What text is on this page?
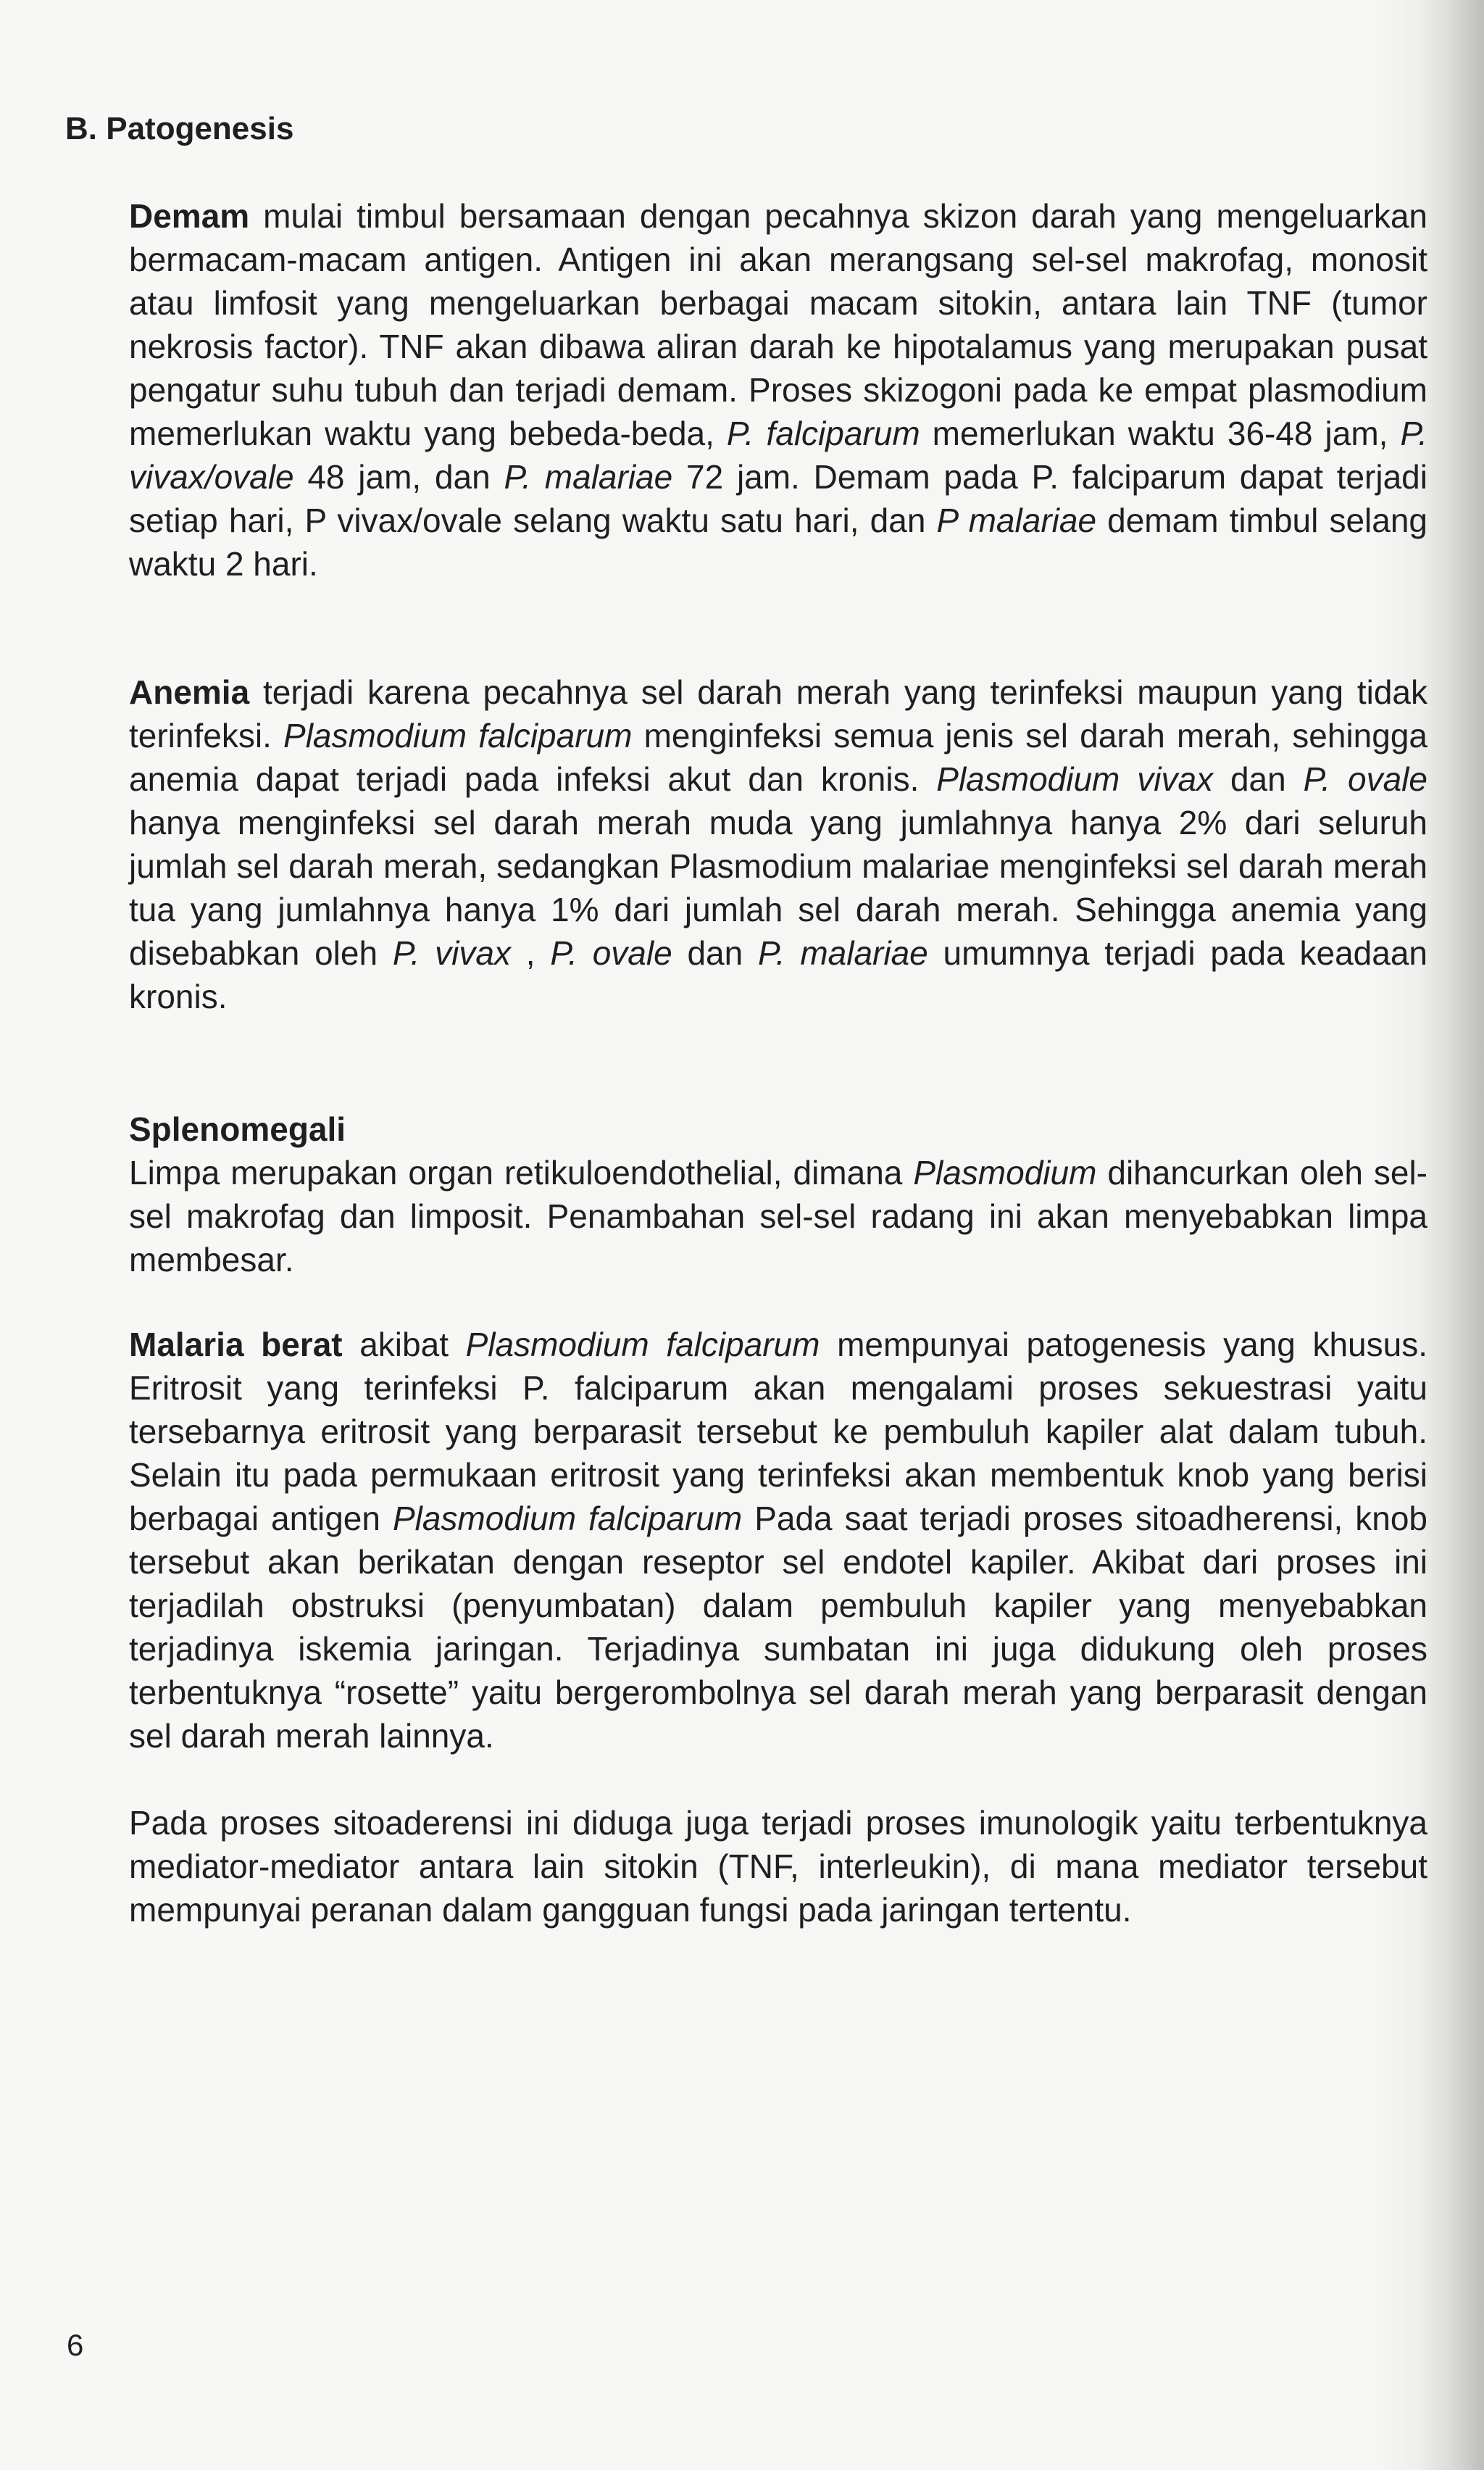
B. Patogenesis

Demam mulai timbul bersamaan dengan pecahnya skizon darah yang mengeluarkan bermacam-macam antigen. Antigen ini akan merangsang sel-sel makrofag, monosit atau limfosit yang mengeluarkan berbagai macam sitokin, antara lain TNF (tumor nekrosis factor). TNF akan dibawa aliran darah ke hipotalamus yang merupakan pusat pengatur suhu tubuh dan terjadi demam. Proses skizogoni pada ke empat plasmodium memerlukan waktu yang bebeda-beda, P. falciparum memerlukan waktu 36-48 jam, P. vivax/ovale 48 jam, dan P. malariae 72 jam. Demam pada P. falciparum dapat terjadi setiap hari, P vivax/ovale selang waktu satu hari, dan P malariae demam timbul selang waktu 2 hari.

Anemia terjadi karena pecahnya sel darah merah yang terinfeksi maupun yang tidak terinfeksi. Plasmodium falciparum menginfeksi semua jenis sel darah merah, sehingga anemia dapat terjadi pada infeksi akut dan kronis. Plasmodium vivax dan P. ovale hanya menginfeksi sel darah merah muda yang jumlahnya hanya 2% dari seluruh jumlah sel darah merah, sedangkan Plasmodium malariae menginfeksi sel darah merah tua yang jumlahnya hanya 1% dari jumlah sel darah merah. Sehingga anemia yang disebabkan oleh P. vivax , P. ovale dan P. malariae umumnya terjadi pada keadaan kronis.

Splenomegali
Limpa merupakan organ retikuloendothelial, dimana Plasmodium dihancurkan oleh sel-sel makrofag dan limposit. Penambahan sel-sel radang ini akan menyebabkan limpa membesar.

Malaria berat akibat Plasmodium falciparum mempunyai patogenesis yang khusus. Eritrosit yang terinfeksi P. falciparum akan mengalami proses sekuestrasi yaitu tersebarnya eritrosit yang berparasit tersebut ke pembuluh kapiler alat dalam tubuh. Selain itu pada permukaan eritrosit yang terinfeksi akan membentuk knob yang berisi berbagai antigen Plasmodium falciparum Pada saat terjadi proses sitoadherensi, knob tersebut akan berikatan dengan reseptor sel endotel kapiler. Akibat dari proses ini terjadilah obstruksi (penyumbatan) dalam pembuluh kapiler yang menyebabkan terjadinya iskemia jaringan. Terjadinya sumbatan ini juga didukung oleh proses terbentuknya “rosette” yaitu bergerombolnya sel darah merah yang berparasit dengan sel darah merah lainnya.

Pada proses sitoaderensi ini diduga juga terjadi proses imunologik yaitu terbentuknya mediator-mediator antara lain sitokin (TNF, interleukin), di mana mediator tersebut mempunyai peranan dalam gangguan fungsi pada jaringan tertentu.

6
